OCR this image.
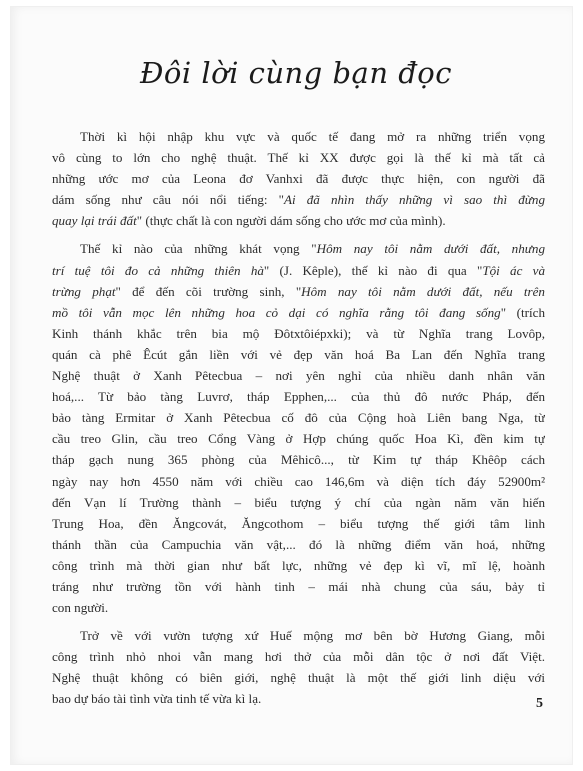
Đôi lời cùng bạn đọc
Thời kì hội nhập khu vực và quốc tế đang mở ra những triển vọng
vô cùng to lớn cho nghệ thuật. Thế kỉ XX được gọi là thế kỉ mà tất cả
những ước mơ của Leona đơ Vanhxi đã được thực hiện, con người đã
dám sống như câu nói nổi tiếng: "Ai đã nhìn thấy những vì sao thì đừng
quay lại trái đất" (thực chất là con người dám sống cho ước mơ của mình).
Thế kỉ nào của những khát vọng "Hôm nay tôi nằm dưới đất, nhưng
trí tuệ tôi đo cả những thiên hà" (J. Kêple), thế kỉ nào đi qua "Tội ác và
trừng phạt" để đến cõi trường sinh, "Hôm nay tôi nằm dưới đất, nếu trên
mồ tôi vẫn mọc lên những hoa cỏ dại có nghĩa rằng tôi đang sống" (trích
Kinh thánh khắc trên bia mộ Đôtxtôiépxki); và từ Nghĩa trang Lovôp,
quán cà phê Êcút gắn liền với vẻ đẹp văn hoá Ba Lan đến Nghĩa trang
Nghệ thuật ở Xanh Pêtecbua – nơi yên nghỉ của nhiều danh nhân văn
hoá,... Từ bảo tàng Luvrơ, tháp Epphen,... của thủ đô nước Pháp, đến
bảo tàng Ermitar ở Xanh Pêtecbua cố đô của Cộng hoà Liên bang Nga, từ
cầu treo Glin, cầu treo Cổng Vàng ở Hợp chúng quốc Hoa Kì, đền kim tự
tháp gạch nung 365 phòng của Mêhicô..., từ Kim tự tháp Khêôp cách
ngày nay hơn 4550 năm với chiều cao 146,6m và diện tích đáy 52900m²
đến Vạn lí Trường thành – biểu tượng ý chí của ngàn năm văn hiến
Trung Hoa, đền Ăngcovát, Ăngcothom – biểu tượng thế giới tâm linh
thánh thần của Campuchia văn vật,... đó là những điểm văn hoá, những
công trình mà thời gian như bất lực, những vẻ đẹp kì vĩ, mĩ lệ, hoành
tráng như trường tồn với hành tinh – mái nhà chung của sáu, bảy tỉ
con người.
Trở về với vườn tượng xứ Huế mộng mơ bên bờ Hương Giang, mỗi
công trình nhỏ nhoi vẫn mang hơi thở của mỗi dân tộc ở nơi đất Việt.
Nghệ thuật không có biên giới, nghệ thuật là một thế giới linh diệu với
bao dự báo tài tình vừa tinh tế vừa kì lạ.	5
